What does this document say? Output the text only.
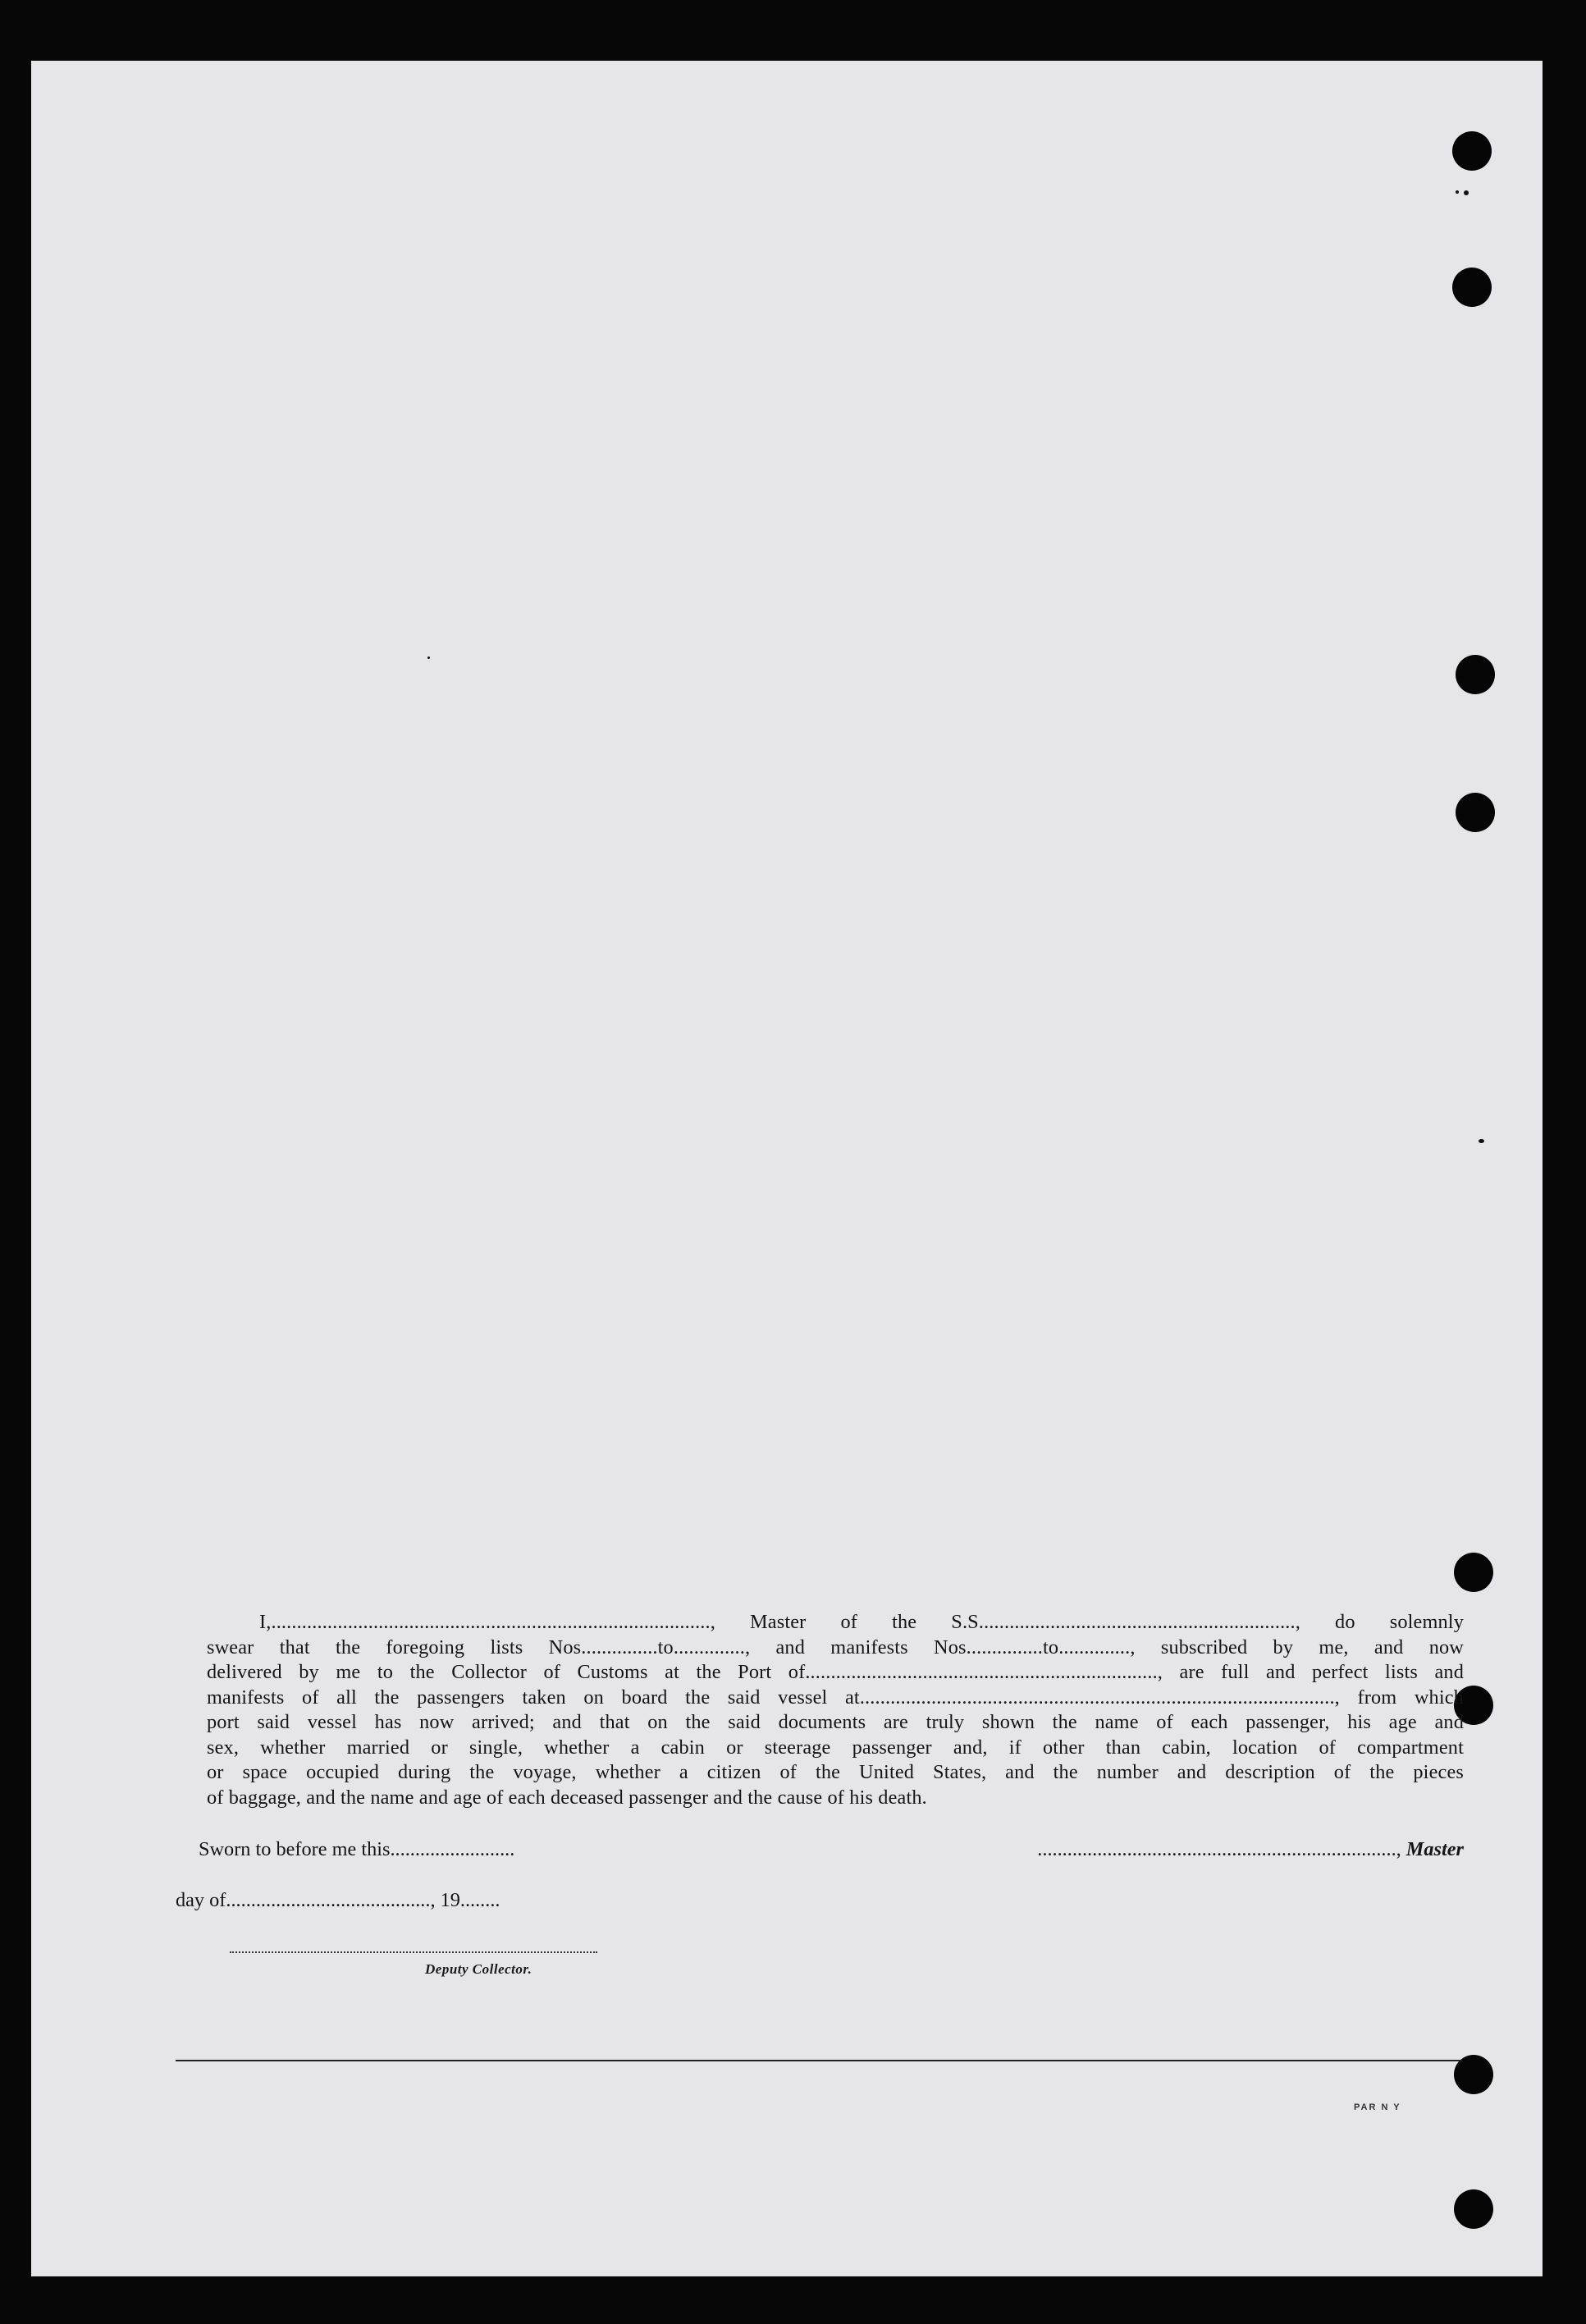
I,......................................................................................, Master of the S.S.............................................................., do solemnly
swear that the foregoing lists Nos...............to.............., and manifests Nos...............to.............., subscribed by me, and now
delivered by me to the Collector of Customs at the Port of....................................................................., are full and perfect lists and
manifests of all the passengers taken on board the said vessel at............................................................................................., from which
port said vessel has now arrived; and that on the said documents are truly shown the name of each passenger, his age and
sex, whether married or single, whether a cabin or steerage passenger and, if other than cabin, location of compartment
or space occupied during the voyage, whether a citizen of the United States, and the number and description of the pieces
of baggage, and the name and age of each deceased passenger and the cause of his death.
Sworn to before me this.........................	........................................................................, Master
day of........................................., 19........
Deputy Collector.
PAR N Y
